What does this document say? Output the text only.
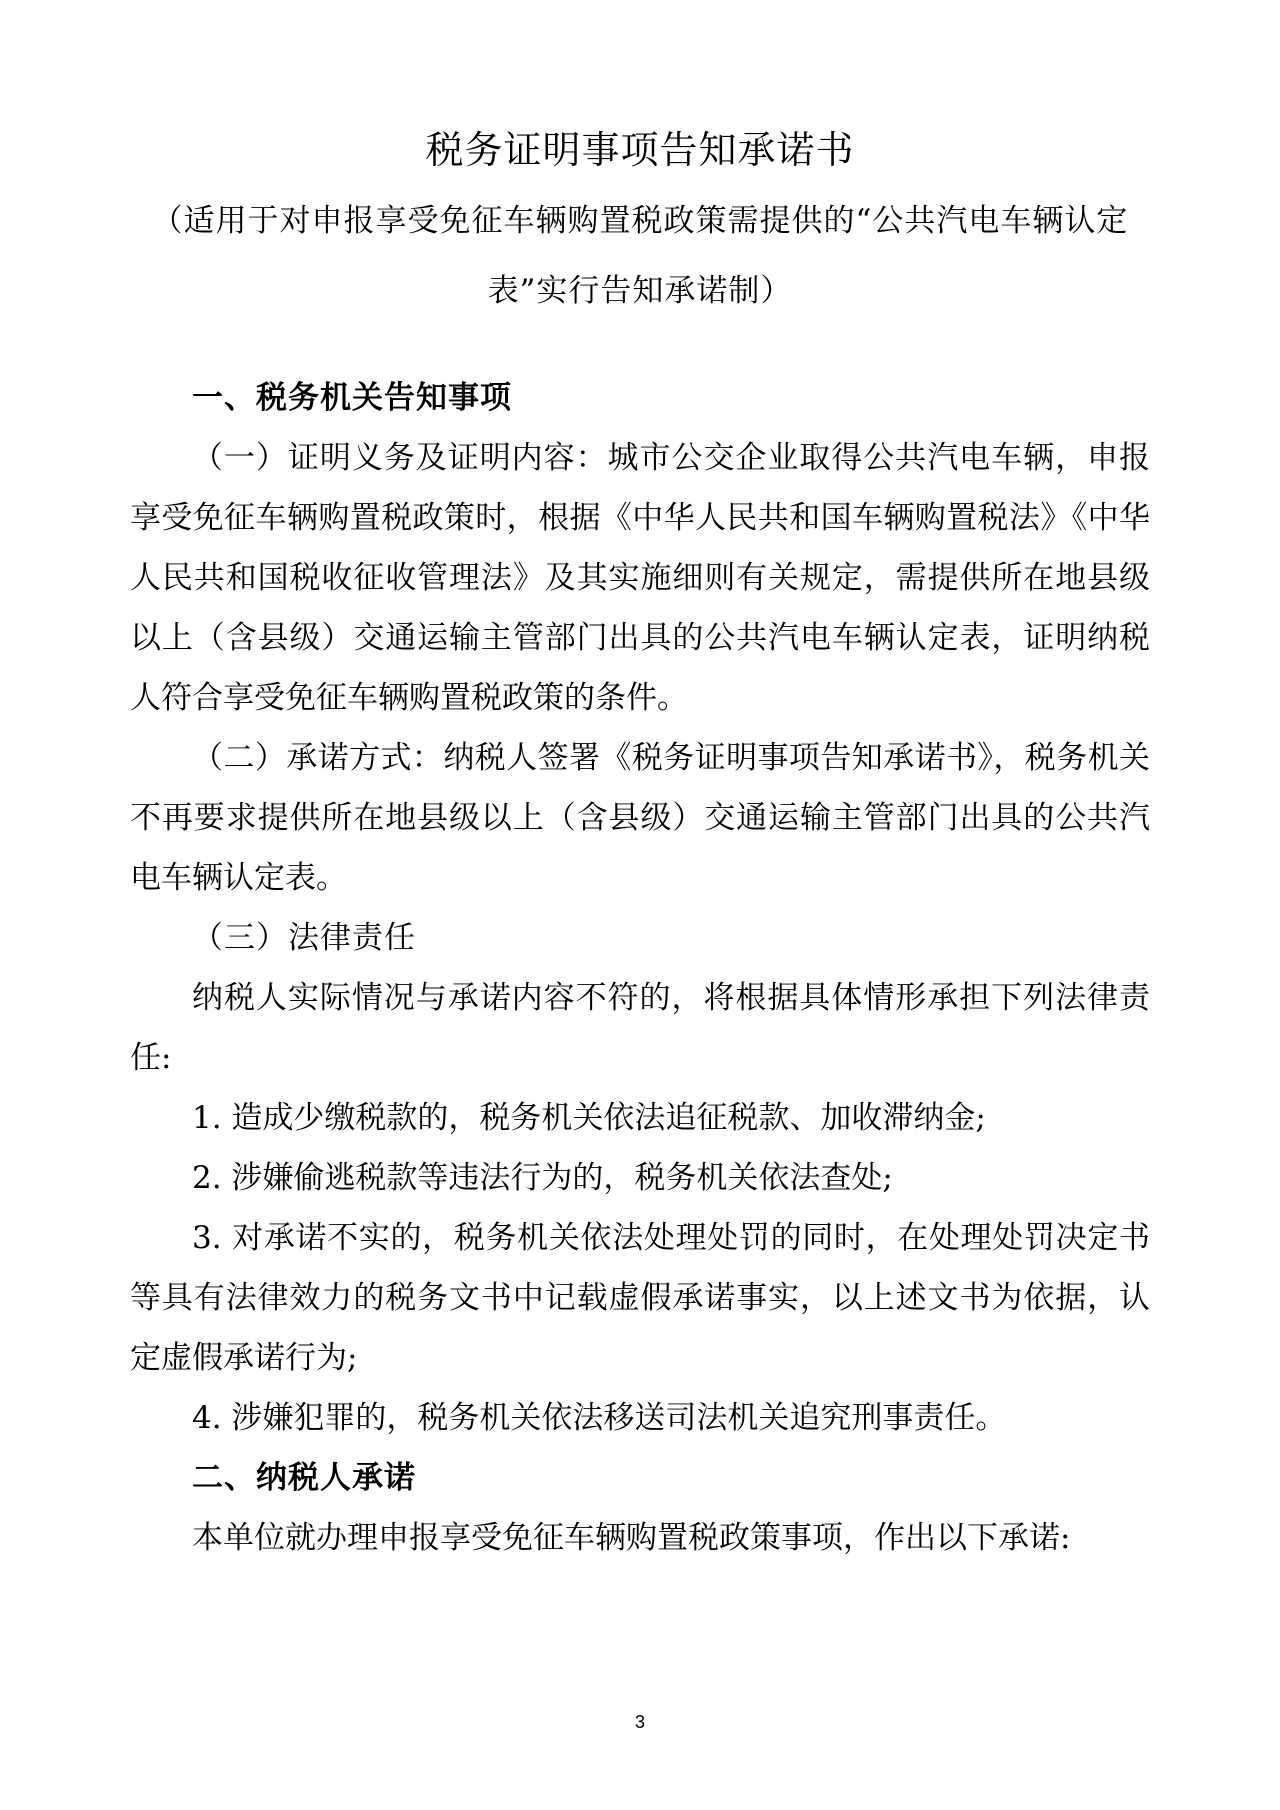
税务证明事项告知承诺书
（适用于对申报享受免征车辆购置税政策需提供的“公共汽电车辆认定表”实行告知承诺制）

一、税务机关告知事项

（一）证明义务及证明内容：城市公交企业取得公共汽电车辆，申报享受免征车辆购置税政策时，根据《中华人民共和国车辆购置税法》《中华人民共和国税收征收管理法》及其实施细则有关规定，需提供所在地县级以上（含县级）交通运输主管部门出具的公共汽电车辆认定表，证明纳税人符合享受免征车辆购置税政策的条件。

（二）承诺方式：纳税人签署《税务证明事项告知承诺书》，税务机关不再要求提供所在地县级以上（含县级）交通运输主管部门出具的公共汽电车辆认定表。

（三）法律责任

纳税人实际情况与承诺内容不符的，将根据具体情形承担下列法律责任:

1. 造成少缴税款的，税务机关依法追征税款、加收滞纳金;

2. 涉嫌偷逃税款等违法行为的，税务机关依法查处;

3. 对承诺不实的，税务机关依法处理处罚的同时，在处理处罚决定书等具有法律效力的税务文书中记载虚假承诺事实，以上述文书为依据，认定虚假承诺行为;

4. 涉嫌犯罪的，税务机关依法移送司法机关追究刑事责任。

二、纳税人承诺

本单位就办理申报享受免征车辆购置税政策事项，作出以下承诺:

3
